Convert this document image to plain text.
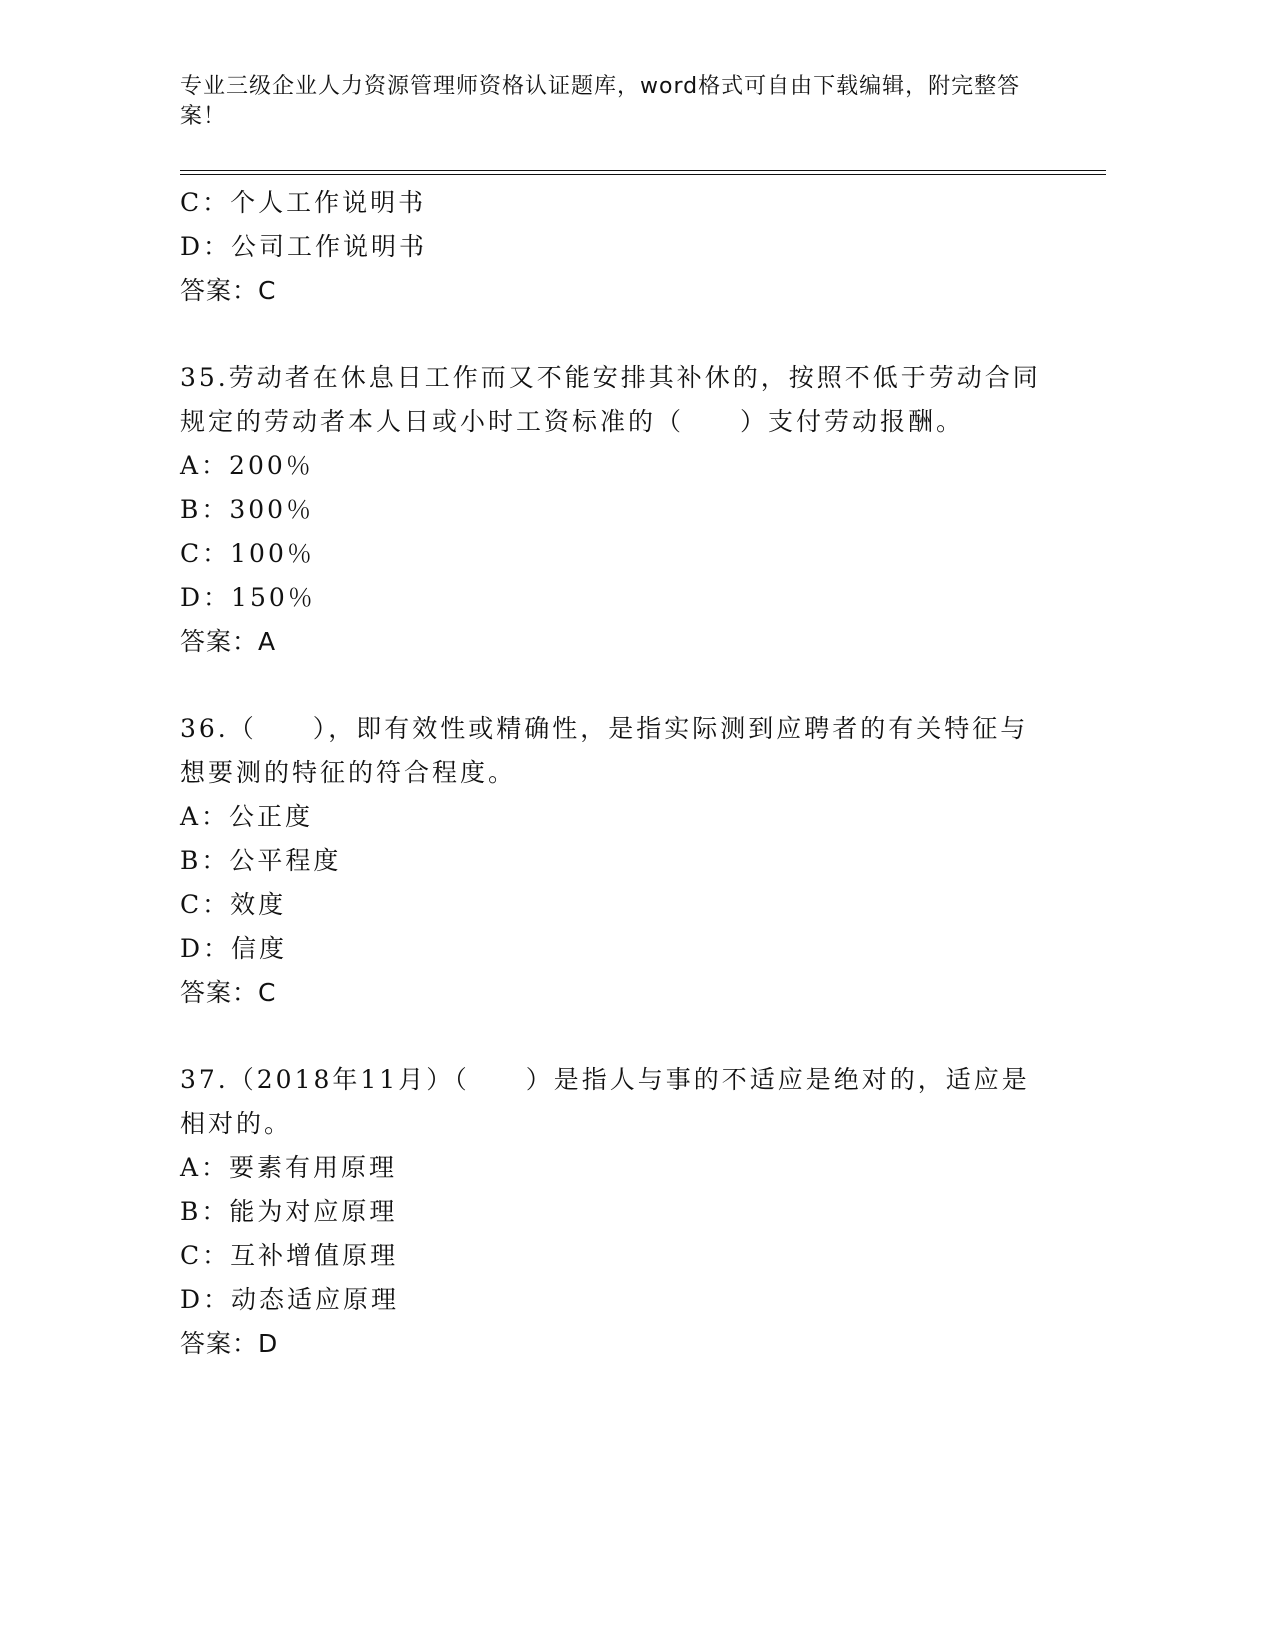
专业三级企业人力资源管理师资格认证题库，word格式可自由下载编辑，附完整答案！
C：个人工作说明书
D：公司工作说明书
答案：C
35.劳动者在休息日工作而又不能安排其补休的，按照不低于劳动合同
规定的劳动者本人日或小时工资标准的（　　）支付劳动报酬。
A：200％
B：300％
C：100％
D：150％
答案：A
36.（　　），即有效性或精确性，是指实际测到应聘者的有关特征与
想要测的特征的符合程度。
A：公正度
B：公平程度
C：效度
D：信度
答案：C
37.（2018年11月）（　　）是指人与事的不适应是绝对的，适应是
相对的。
A：要素有用原理
B：能为对应原理
C：互补增值原理
D：动态适应原理
答案：D
